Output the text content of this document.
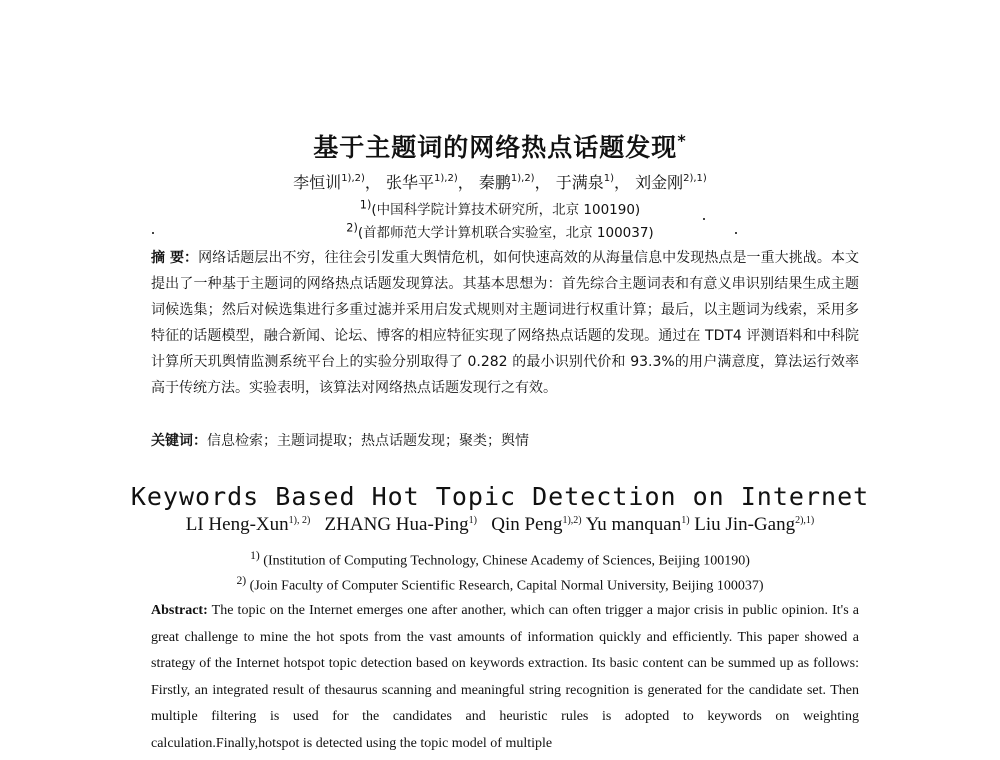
基于主题词的网络热点话题发现*
李恒训$^{1),2)}$， 张华平$^{1),2)}$， 秦鹏$^{1),2)}$， 于满泉$^{1)}$， 刘金刚$^{2),1)}$
$^{1)}$(中国科学院计算技术研究所，北京 100190)
$^{2)}$(首都师范大学计算机联合实验室，北京 100037)
摘 要：网络话题层出不穷，往往会引发重大舆情危机，如何快速高效的从海量信息中发现热点是一重大挑战。本文提出了一种基于主题词的网络热点话题发现算法。其基本思想为：首先综合主题词表和有意义串识别结果生成主题词候选集；然后对候选集进行多重过滤并采用启发式规则对主题词进行权重计算；最后，以主题词为线索，采用多特征的话题模型，融合新闻、论坛、博客的相应特征实现了网络热点话题的发现。通过在 TDT4 评测语料和中科院计算所天玑舆情监测系统平台上的实验分别取得了 0.282 的最小识别代价和 93.3%的用户满意度，算法运行效率高于传统方法。实验表明，该算法对网络热点话题发现行之有效。
关键词：信息检索；主题词提取；热点话题发现；聚类；舆情
Keywords Based Hot Topic Detection on Internet
LI Heng-Xun$^{1), 2)}$ ZHANG Hua-Ping$^{1)}$ Qin Peng$^{1),2)}$ Yu manquan$^{1)}$ Liu Jin-Gang$^{2),1)}$
$^{1)}$ (Institution of Computing Technology, Chinese Academy of Sciences, Beijing 100190)
$^{2)}$ (Join Faculty of Computer Scientific Research, Capital Normal University, Beijing 100037)
Abstract: The topic on the Internet emerges one after another, which can often trigger a major crisis in public opinion. It's a great challenge to mine the hot spots from the vast amounts of information quickly and efficiently. This paper showed a strategy of the Internet hotspot topic detection based on keywords extraction. Its basic content can be summed up as follows: Firstly, an integrated result of thesaurus scanning and meaningful string recognition is generated for the candidate set. Then multiple filtering is used for the candidates and heuristic rules is adopted to keywords on weighting calculation.Finally,hotspot is detected using the topic model of multiple
